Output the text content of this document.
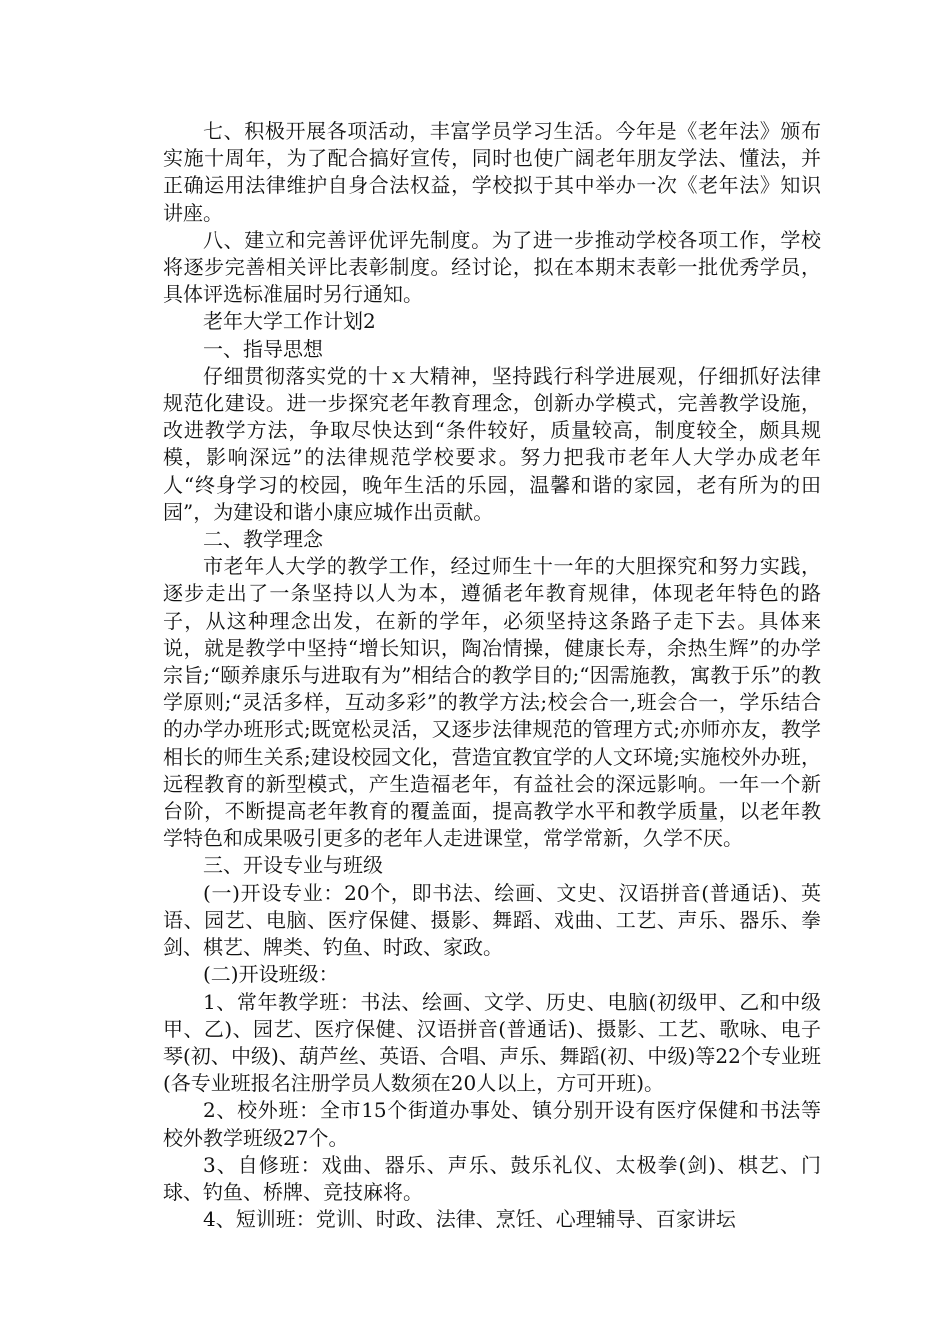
七、积极开展各项活动，丰富学员学习生活。今年是《老年法》颁布实施十周年，为了配合搞好宣传，同时也使广阔老年朋友学法、懂法，并正确运用法律维护自身合法权益，学校拟于其中举办一次《老年法》知识讲座。

八、建立和完善评优评先制度。为了进一步推动学校各项工作，学校将逐步完善相关评比表彰制度。经讨论，拟在本期末表彰一批优秀学员，具体评选标准届时另行通知。

老年大学工作计划2

一、指导思想

仔细贯彻落实党的十ｘ大精神，坚持践行科学进展观，仔细抓好法律规范化建设。进一步探究老年教育理念，创新办学模式，完善教学设施，改进教学方法，争取尽快达到“条件较好，质量较高，制度较全，颇具规模，影响深远”的法律规范学校要求。努力把我市老年人大学办成老年人“终身学习的校园，晚年生活的乐园，温馨和谐的家园，老有所为的田园”，为建设和谐小康应城作出贡献。

二、教学理念

市老年人大学的教学工作，经过师生十一年的大胆探究和努力实践，逐步走出了一条坚持以人为本，遵循老年教育规律，体现老年特色的路子，从这种理念出发，在新的学年，必须坚持这条路子走下去。具体来说，就是教学中坚持“增长知识，陶冶情操，健康长寿，余热生辉”的办学宗旨;“颐养康乐与进取有为”相结合的教学目的;“因需施教，寓教于乐”的教学原则;“灵活多样，互动多彩”的教学方法;校会合一,班会合一，学乐结合的办学办班形式;既宽松灵活，又逐步法律规范的管理方式;亦师亦友，教学相长的师生关系;建设校园文化，营造宜教宜学的人文环境;实施校外办班，远程教育的新型模式，产生造福老年，有益社会的深远影响。一年一个新台阶，不断提高老年教育的覆盖面，提高教学水平和教学质量，以老年教学特色和成果吸引更多的老年人走进课堂，常学常新，久学不厌。

三、开设专业与班级

(一)开设专业：20个，即书法、绘画、文史、汉语拼音(普通话)、英语、园艺、电脑、医疗保健、摄影、舞蹈、戏曲、工艺、声乐、器乐、拳剑、棋艺、牌类、钓鱼、时政、家政。

(二)开设班级：

1、常年教学班：书法、绘画、文学、历史、电脑(初级甲、乙和中级甲、乙)、园艺、医疗保健、汉语拼音(普通话)、摄影、工艺、歌咏、电子琴(初、中级)、葫芦丝、英语、合唱、声乐、舞蹈(初、中级)等22个专业班(各专业班报名注册学员人数须在20人以上，方可开班)。

2、校外班：全市15个街道办事处、镇分别开设有医疗保健和书法等校外教学班级27个。

3、自修班：戏曲、器乐、声乐、鼓乐礼仪、太极拳(剑)、棋艺、门球、钓鱼、桥牌、竞技麻将。

4、短训班：党训、时政、法律、烹饪、心理辅导、百家讲坛
